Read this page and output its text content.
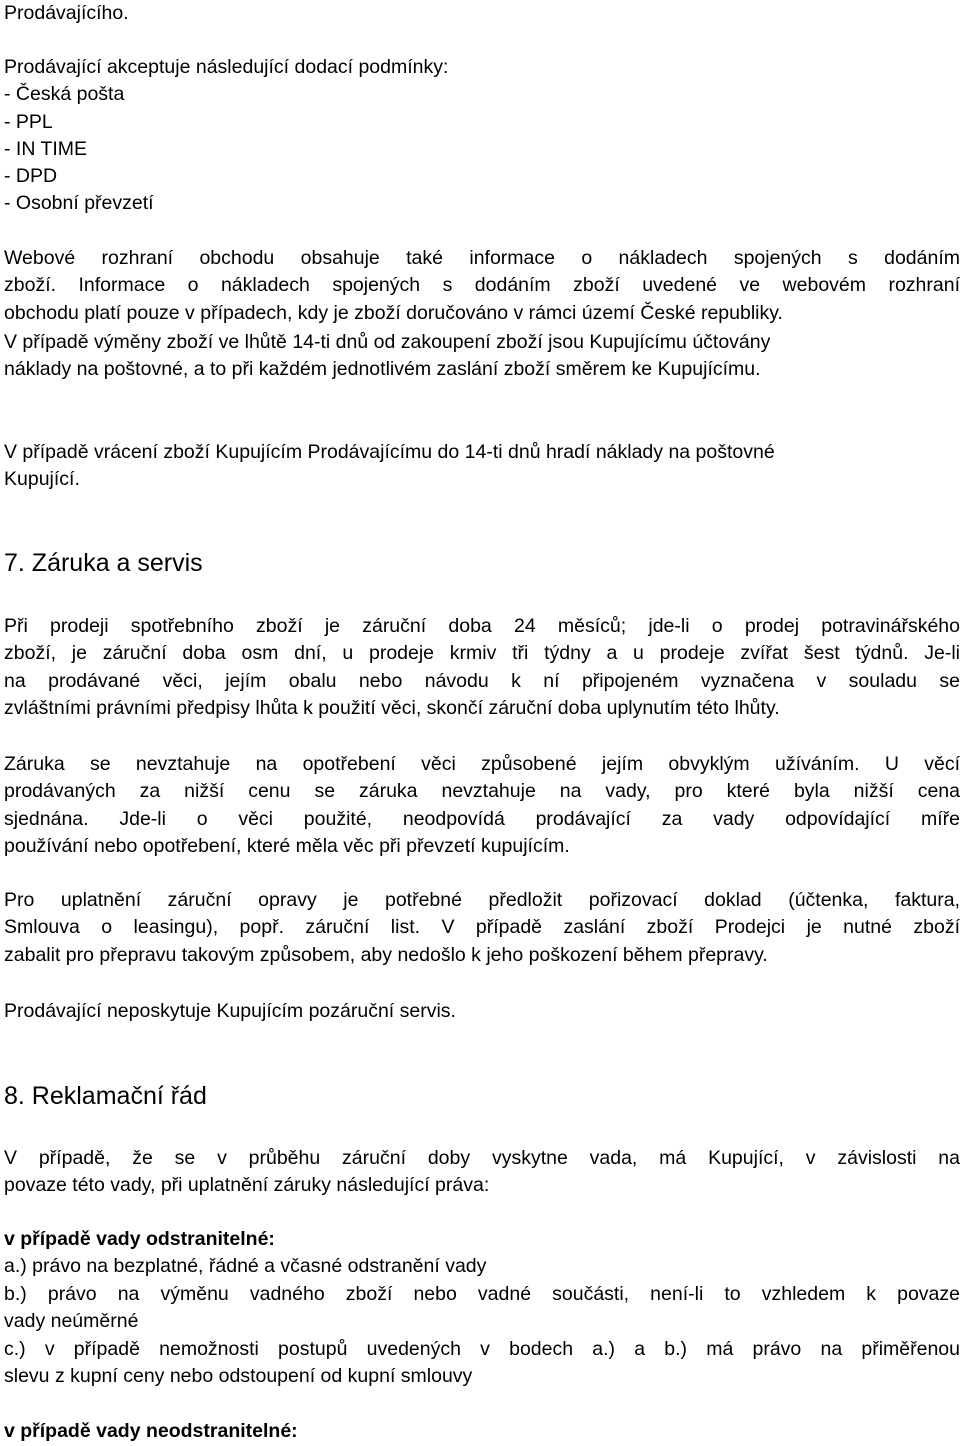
Prodávajícího.
Prodávající akceptuje následující dodací podmínky:
- Česká pošta
- PPL
- IN TIME
- DPD
- Osobní převzetí
Webové rozhraní obchodu obsahuje také informace o nákladech spojených s dodáním
zboží. Informace o nákladech spojených s dodáním zboží uvedené ve webovém rozhraní
obchodu platí pouze v případech, kdy je zboží doručováno v rámci území České republiky.
V případě výměny zboží ve lhůtě 14-ti dnů od zakoupení zboží jsou Kupujícímu účtovány
náklady na poštovné, a to při každém jednotlivém zaslání zboží směrem ke Kupujícímu.
V případě vrácení zboží Kupujícím Prodávajícímu do 14-ti dnů hradí náklady na poštovné
Kupující.
7. Záruka a servis
Při prodeji spotřebního zboží je záruční doba 24 měsíců; jde-li o prodej potravinářského
zboží, je záruční doba osm dní, u prodeje krmiv tři týdny a u prodeje zvířat šest týdnů. Je-li
na prodávané věci, jejím obalu nebo návodu k ní připojeném vyznačena v souladu se
zvláštními právními předpisy lhůta k použití věci, skončí záruční doba uplynutím této lhůty.
Záruka se nevztahuje na opotřebení věci způsobené jejím obvyklým užíváním. U věcí
prodávaných za nižší cenu se záruka nevztahuje na vady, pro které byla nižší cena
sjednána. Jde-li o věci použité, neodpovídá prodávající za vady odpovídající míře
používání nebo opotřebení, které měla věc při převzetí kupujícím.
Pro uplatnění záruční opravy je potřebné předložit pořizovací doklad (účtenka, faktura,
Smlouva o leasingu), popř. záruční list. V případě zaslání zboží Prodejci je nutné zboží
zabalit pro přepravu takovým způsobem, aby nedošlo k jeho poškození během přepravy.
Prodávající neposkytuje Kupujícím pozáruční servis.
8. Reklamační řád
V případě, že se v průběhu záruční doby vyskytne vada, má Kupující, v závislosti na
povaze této vady, při uplatnění záruky následující práva:
v případě vady odstranitelné:
a.) právo na bezplatné, řádné a včasné odstranění vady
b.) právo na výměnu vadného zboží nebo vadné součásti, není-li to vzhledem k povaze
vady neúměrné
c.) v případě nemožnosti postupů uvedených v bodech a.) a b.) má právo na přiměřenou
slevu z kupní ceny nebo odstoupení od kupní smlouvy
v případě vady neodstranitelné:
